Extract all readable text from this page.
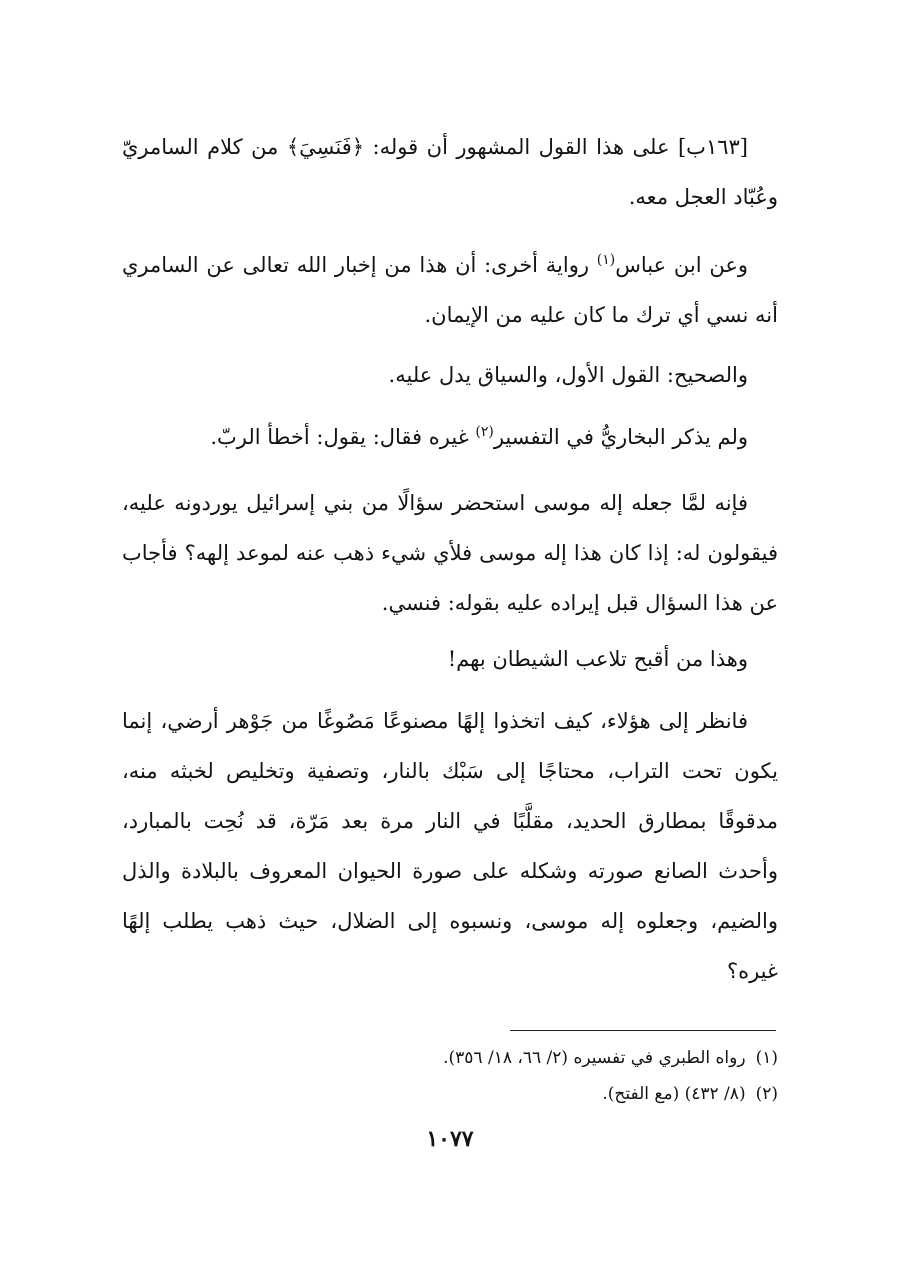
[١٦٣ب] على هذا القول المشهور أن قوله: ﴿فَنَسِيَ﴾ من كلام السامريّ وعُبّاد العجل معه.

وعن ابن عباس$^{(١)}$ رواية أخرى: أن هذا من إخبار الله تعالى عن السامري أنه نسي أي ترك ما كان عليه من الإيمان.

والصحيح: القول الأول، والسياق يدل عليه.

ولم يذكر البخاريُّ في التفسير$^{(٢)}$ غيره فقال: يقول: أخطأ الربّ.

فإنه لمَّا جعله إله موسى استحضر سؤالًا من بني إسرائيل يوردونه عليه، فيقولون له: إذا كان هذا إله موسى فلأي شيء ذهب عنه لموعد إلهه؟ فأجاب عن هذا السؤال قبل إيراده عليه بقوله: فنسي.

وهذا من أقبح تلاعب الشيطان بهم!

فانظر إلى هؤلاء، كيف اتخذوا إلهًا مصنوعًا مَصُوغًا من جَوْهر أرضي، إنما يكون تحت التراب، محتاجًا إلى سَبْك بالنار، وتصفية وتخليص لخبثه منه، مدقوقًا بمطارق الحديد، مقلَّبًا في النار مرة بعد مَرّة، قد نُحِت بالمبارد، وأحدث الصانع صورته وشكله على صورة الحيوان المعروف بالبلادة والذل والضيم، وجعلوه إله موسى، ونسبوه إلى الضلال، حيث ذهب يطلب إلهًا غيره؟

(١)رواه الطبري في تفسيره (٢/ ٦٦، ١٨/ ٣٥٦).
(٢)(٨/ ٤٣٢) (مع الفتح).
١٠٧٧
